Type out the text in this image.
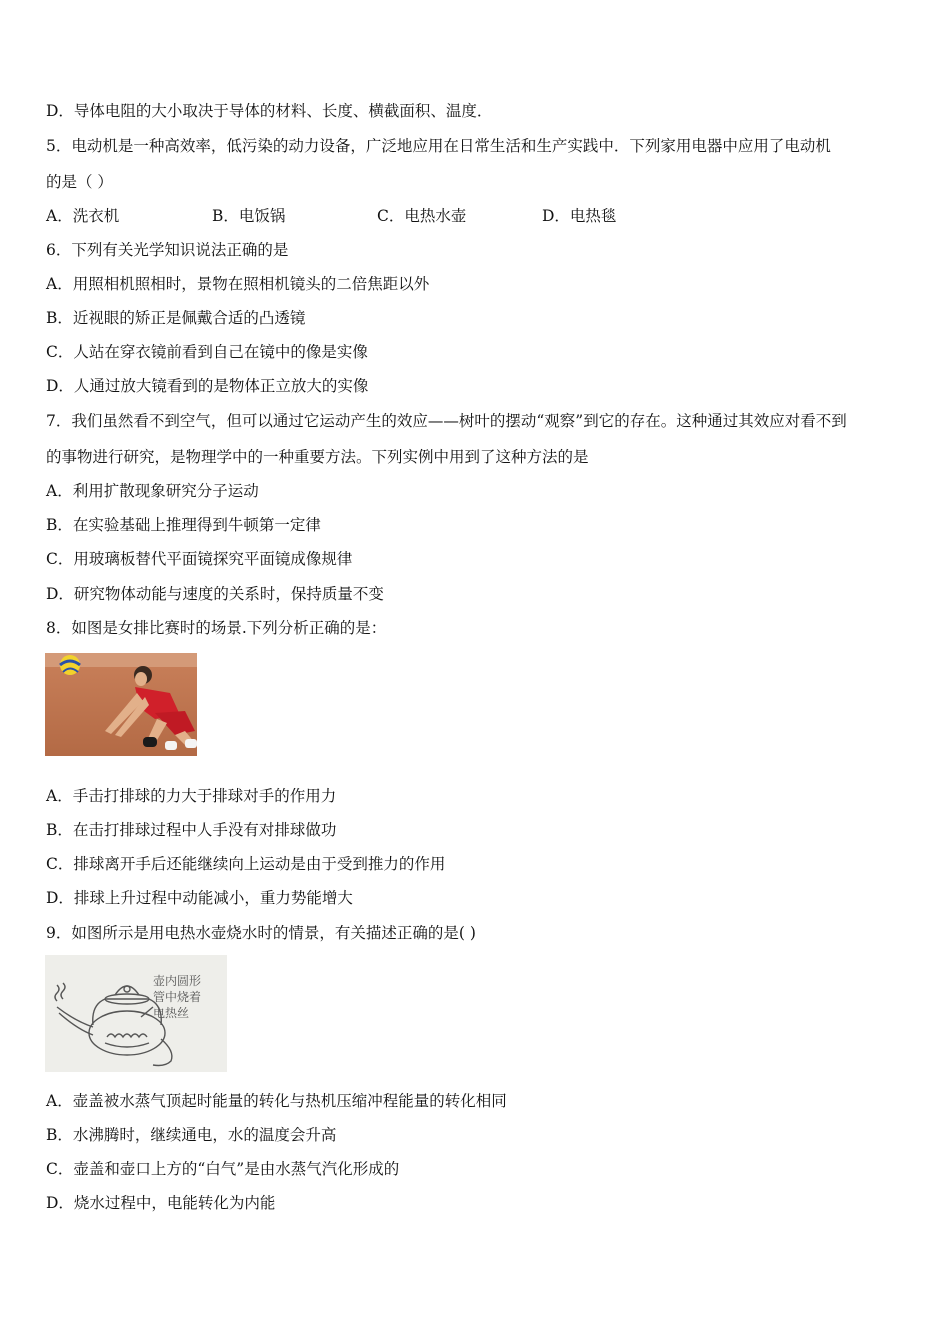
D．导体电阻的大小取决于导体的材料、长度、横截面积、温度．
5．电动机是一种高效率，低污染的动力设备，广泛地应用在日常生活和生产实践中．下列家用电器中应用了电动机
的是（ ）
A．洗衣机	B．电饭锅	C．电热水壶	D．电热毯
6．下列有关光学知识说法正确的是
A．用照相机照相时，景物在照相机镜头的二倍焦距以外
B．近视眼的矫正是佩戴合适的凸透镜
C．人站在穿衣镜前看到自己在镜中的像是实像
D．人通过放大镜看到的是物体正立放大的实像
7．我们虽然看不到空气，但可以通过它运动产生的效应——树叶的摆动“观察”到它的存在。这种通过其效应对看不到
的事物进行研究，是物理学中的一种重要方法。下列实例中用到了这种方法的是
A．利用扩散现象研究分子运动
B．在实验基础上推理得到牛顿第一定律
C．用玻璃板替代平面镜探究平面镜成像规律
D．研究物体动能与速度的关系时，保持质量不变
8．如图是女排比赛时的场景.下列分析正确的是：
A．手击打排球的力大于排球对手的作用力
B．在击打排球过程中人手没有对排球做功
C．排球离开手后还能继续向上运动是由于受到推力的作用
D．排球上升过程中动能减小，重力势能增大
9．如图所示是用电热水壶烧水时的情景，有关描述正确的是( )
壶内圆形
管中烧着
电热丝
A．壶盖被水蒸气顶起时能量的转化与热机压缩冲程能量的转化相同
B．水沸腾时，继续通电，水的温度会升高
C．壶盖和壶口上方的“白气”是由水蒸气汽化形成的
D．烧水过程中，电能转化为内能
